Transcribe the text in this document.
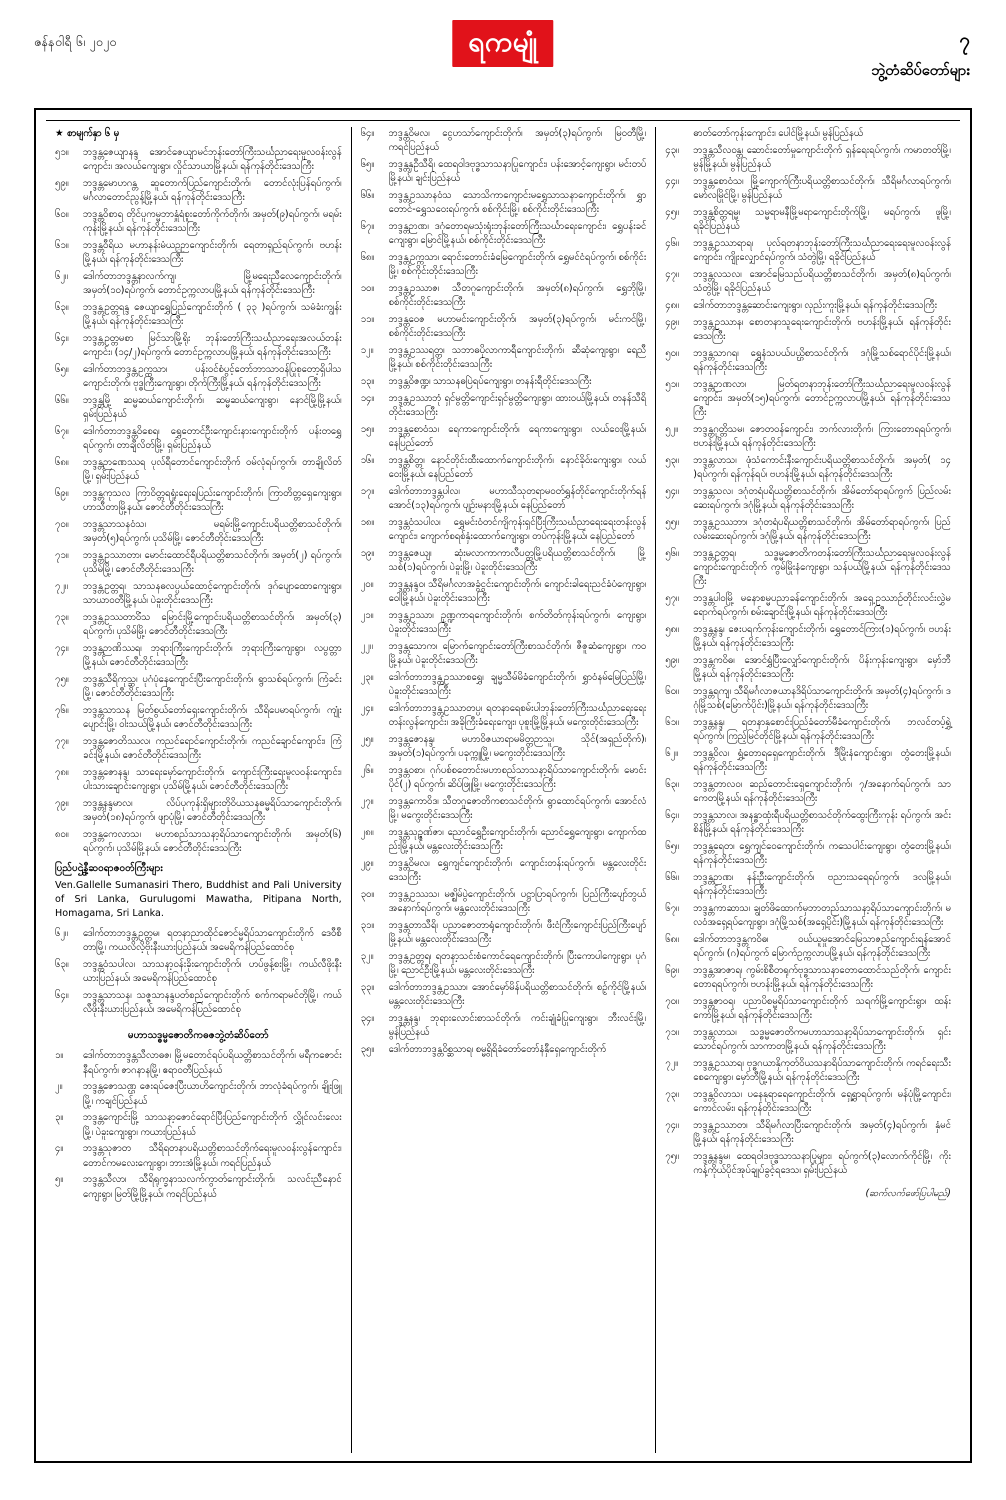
ဇန်နဝါရီ ၆၊ ၂၀၂၀	ရကမျုံ	၇
ဘွဲ့တံဆိပ်တော်များ
★ စာမျက်နှာ ၆ မှ
၅၁။	ဘဒ္ဒန္တဇေယျာနန္ဒ အောင်ဇေယျာမင်ဘုန်းတော်ကြီးသင်္ဃညာရေးမူလဝန်းလွန်ကျောင်း၊ အလယ်ကျေးရွာ၊ လှိုင်သာယာမြို့နယ်၊ ရန်ကုန်တိုင်းဒေသကြီး
၅၉။	ဘဒ္ဒန္တမောဟဂန္တ ဆူတောက်ပြည်ကျောင်းတိုက်၊ တောင်လုံးပြန်ရပ်ကွက်၊ မင်္ဂလာတောင်ညွန့်မြို့နယ်၊ ရန်ကုန်တိုင်းဒေသကြီး
၆၀။	ဘဒ္ဒန္တဝိစာရ တိုင်ပူကမ္မဘာနှူံရံစူးတော်ကိုက်တိုက်၊ အမှတ်(၉)ရပ်ကွက်၊ မရမ်းကုန်းမြို့နယ်၊ ရန်ကုန်တိုင်းဒေသကြီး
၆၁။	ဘဒ္ဒန္တဝီရိယ မဟာနန်းမံယဉ္ဉာကျောင်းတိုက်၊ ရေတာရှည်ရပ်ကွက်၊ ဗဟန်းမြို့နယ်၊ ရန်ကုန်တိုင်းဒေသကြီး
၆၂။	ဒေါက်တာဘဒ္ဒန္တနာလက်ကျ၊ မြို့မရေးညီလေကျောင်းတိုက်၊ အမှတ်(၁၀)ရပ်ကွက်၊ တောင်ဥက္ကလာပမြို့နယ်၊ ရန်ကုန်တိုင်းဒေသကြီး
၆၃။	ဘဒ္ဒန္တဥတ္တရန္ဒ ဇေယျာရွှေပြည်ကျောင်းတိုက် ( ၃၃ )ရပ်ကွက်၊ သမံခံးကျွန်းမြို့နယ်၊ ရန်ကုန်တိုင်းဒေသကြီး
၆၄။	ဘဒ္ဒန္တဥတ္တမစာ မြင်သာမြို့ရိုး ဘုန်းတော်ကြီးသင်္ဃညာရေးအလယ်တန်းကျောင်း၊ (၁၄/၂)ရပ်ကွက်၊ တောင်ဥက္ကလာပမြို့နယ်၊ ရန်ကုန်တိုင်းဒေသကြီး
၆၅။	ဒေါက်တာဘဒ္ဒန္တဥက္ကသာ၊ ပန်းဝင်စံပွင့်တော်ဘာသာဝန်ပြုစုတော့ရှိပါသကျောင်းတိုက်၊ ဗုဒ္ဓကြီးကျေးရွာ၊ တိုက်ကြီးမြို့နယ်၊ ရန်ကုန်တိုင်းဒေသကြီး
၆၆။	ဘဒ္ဒန္တမြို့ ဆမ္မဆယ်ကျောင်းတိုက်၊ ဆမ္မဆယ်ကျေးရွာ၊ နောင်မြို့မြို့နယ်၊ ရှမ်းပြည်နယ်
၆၇။	ဒေါက်တာဘဒ္ဒန္တဝိစေရ၊ ရွှေတောင်ဦးကျောင်းနားကျောင်းတိုက် ပန်းတရွှေရပ်ကွက်၊ တာချီလိတ်မြို့၊ ရှမ်းပြည်နယ်
၆၈။	ဘဒ္ဒန္တဉာဏေဿရ ပုလ်ရီတောင်ကျောင်းတိုက် ဝမ်လုံရပ်ကွက်၊ တာချိုလိတ်မြို့၊ ရှမ်းပြည်နယ်
၆၉။	ဘဒ္ဒန္တကုသလ ကြာဝိတ္တရရှုံးရေးရပြည်းကျောင်းတိုက်၊ ကြာတိတ္တရှေကျေးရွာ၊ ဟာသီတာမြို့နယ်၊ ဇောင်တီတိုင်းဒေသကြီး
၇၀။	ဘဒ္ဒန္တသာသနဝံသ၊ မရမ်းမြို့ကျောင်းပရိယတ္တိစာသင်တိုက်၊ အမှတ်(၅)ရပ်ကွက်၊ ပုသိမ်မြို့၊ ဇောင်တီတိုင်းဒေသကြီး
၇၁။	ဘဒ္ဒန္တဥဿာတာ၊ မောင်းထောင်ရီပရိယတ္တိစာသင်တိုက်၊ အမှတ်(၂) ရပ်ကွက်၊ ပုသိမ်မြို့၊ ဇောင်တီတိုင်းဒေသကြီး
၇၂။	ဘဒ္ဒန္တဥတ္တရ၊ သာသနဓလပ္ပယ်ထောင့်ကျောင်းတိုက်၊ ဒုဂ်ပျောထောကျေးရွာ၊ သာယာဝတီမြို့နယ်၊ ပဲခူးတိုင်းဒေသကြီး
၇၃။	ဘဒ္ဒန္တဥဿတာဝိံသ မြောင်းမြို့ကျောင်းပရိယတ္တိစာသင်တိုက်၊ အမှတ်(၃) ရပ်ကွက်၊ ပုသိမ်မြို့၊ ဇောင်တီတိုင်းဒေသကြီး
၇၄။	ဘဒ္ဒန္တဉာဏိဿရ၊ ဘုရားကြီးကျောင်းတိုက်၊ ဘုရားကြီးကျေးရွာ၊ လပွတ္တာမြို့နယ်၊ ဇောင်တီတိုင်းဒေသကြီး
၇၅။	ဘဒ္ဒန္တသီရိကုသ္ဆ၊ ပုဂံပုံနေကျောင်းပြီးကျောင်းတိုက်၊ ရွာသစ်ရပ်ကွက်၊ ကြံခင်းမြို့၊ ဇောင်တီတိုင်းဒေသကြီး
၇၆။	ဘဒ္ဒန္တသာသန မြတ်စွယ်တော်ရှေးကျောင်းတိုက်၊ သီရိပေမာရပ်ကွက်၊ ကျုံးပျောင်းမြို့၊ ဝါးသယ်မြို့နယ်၊ ဇောင်တီတိုင်းဒေသကြီး
၇၇။	ဘဒ္ဒန္တဇောတိဿလ၊ ကညင်ရောင်ကျောင်းတိုက်၊ ကညင်ချောင်ကျောင်း၊ ကြံခင်းမြို့နယ်၊ ဇောင်တီတိုင်းဒေသကြီး
၇၈။	ဘဒ္ဒန္တဇောနန္ဒ၊ သာရေးမှော်ကျောင်းတိုက်၊ ကျောင်းကြီးရေးမူလဝန်းကျောင်း၊ ပါးသားချောင်းကျေးရွာ၊ ပုသိမ်မြို့နယ်၊ ဇောင်တီတိုင်းဒေသကြီး
၇၉။	ဘဒ္ဒန္တနန္ဒမာလ၊ လိပ်ပုကုန်းရှိများတိုဝိယသနဓမ္မရိပ်သာကျောင်းတိုက်၊ အမှတ်(၁၈)ရပ်ကွက်၊ ဖျာပုံမြို့၊ ဇောင်တီတိုင်းဒေသကြီး
၈၀။	ဘဒ္ဒန္တကေလာသ၊ မဟာစည်သာသနာ့ရိပ်သာကျောင်းတိုက်၊ အမှတ်(၆) ရပ်ကွက်၊ ပုသိမ်မြို့နယ်၊ ဇောင်တီတိုင်းဒေသကြီး
ပြည်ပဌွဲ့နီဆဝရာဇဝတ်ကြီးများ
Ven.Gallelle Sumanasiri Thero, Buddhist and Pali University of Sri Lanka, Gurulugomi Mawatha, Pitipana North, Homagama, Sri Lanka.
၆၂။	ဒေါက်တာဘဒ္ဒန္တဥတ္တမ၊ ရတနာညာထိုင်ဇောင်မ္မရိပ်သာကျောင်းတိုက် ဒေဝီစီတာမြို့၊ ကယလိလိ့ဗိုးနီးယားပြည်နယ်၊ အမေရိကန်ပြည်ထောင်စု
၆၃။	ဘဒ္ဒန္တဝံသပါလ၊ သာသနာ့ဝန်းခိုးကျောင်းတိုက်၊ ဟပ်ဖွန့်စးမြို့၊ ကယ်လီဖိုးနီးယားပြည်နယ်၊ အမေရိကန်ပြည်ထောင်စု
၆၄။	ဘဒ္ဒန္တသာသန၊ သဇ္ဇသာနန္ဒပတ်စည်ကျောင်းတိုက် စက်ကရာမင်တိုမြို့၊ ကယ်လီဖိုးနီးယားပြည်နယ်၊ အမေရိကန်ပြည်ထောင်စု
မဟာသဒ္ဓမ္မဇောတိကဓဇဘွဲ့တံဆိပ်တော်
၁။	ဒေါက်တာဘဒ္ဒန္တသီလာဓဇ၊ မြို့မတောင်ရပ်ပရိယတ္တိစာသင်တိုက်၊ မရီကဇောင်းနီရပ်ကွက်၊ ဇာဂနာနမြို့၊ ဧရာဝတီပြည်နယ်
၂။	ဘဒ္ဒန္တဇောသဏ္ဌ ဇေးရပ်ဇေးပြီးယာဟိကျောင်းတိုက်၊ ဘာလုံခံရပ်ကွက်၊ ချိုးဖြူမြို့၊ ကချင်ပြည်နယ်
၃။	ဘဒ္ဒန္တကျောင်းမြို့ သာသနာ့ဇောင်ရောင်ပြီးပြည်ကျောင်းတိုက် လွှိုင်လင်းလေးမြို့၊ ပဲခူးကျေးရွာ၊ ကယားပြည်နယ်
၄။	ဘဒ္ဒန္တသုဇာတ သီရိရတနာပရိယတ္တိစာသင်တိုက်ရေးမူလဝန်းလွန်ကျောင်း၊ တောင်ကမလေးကျေးရွာ၊ ဘားအံမြို့နယ်၊ ကရင်ပြည်နယ်
၅။	ဘဒ္ဒန္တသီလာ၊ သီရိရုက္ခနာသလက်ကွာတ်ကျောင်းတိုက်၊ သလင်းညီနောင်ကျေးရွာ၊ မြတ်မြို့မြို့နယ်၊ ကရင်ပြည်နယ်
၆၄။	ဘဒ္ဒန္တဝိမလ၊ ငွေဟသာ်ကျောင်းတိုက်၊ အမှတ်(၃)ရပ်ကွက်၊ မြဝတီမြို့၊ ကရင်ပြည်နယ်
၆၅။	ဘဒ္ဒန္တနှဦသီရိ၊ ထေရဝါဒဗုဒ္ဓသာသနာပြုကျောင်း၊ ပန်းအောင့်ကျေးရွာ၊ မင်းတပ်မြို့နယ်၊ ချင်းပြည်နယ်
၆၆။	ဘဒ္ဒန္တဥဿာနဝံသ သောသိကာကျောင်းမရွှေသာသနာကျောင်းတိုက်၊ ရွှာတောင်-ရွှေသဝေးရပ်ကွက်၊ စစ်ကိုင်းမြို့၊ စစ်ကိုင်းတိုင်းဒေသကြီး
၆၇။	ဘဒ္ဒန္တဉာဏ၊ ဒဂုံတောရမသုံးရုံးဘုန်းတော်ကြီးသင်္ဃာရေးကျောင်း၊ ရွှေပန်းခင်ကျေးရွာ၊ မြောင်မြို့နယ်၊ စစ်ကိုင်းတိုင်းဒေသကြီး
၆၈။	ဘဒ္ဒန္တဥက္ကသာ၊ ရောင်းတောင်းခံမြေကျောင်းတိုက်၊ ရွှေမင်ငံရပ်ကွက်၊ စစ်ကိုင်းမြို့၊ စစ်ကိုင်းတိုင်းဒေသကြီး
၁၀။	ဘဒ္ဒန္တဥဿာဇ၊ သီတဂူကျောင်းတိုက်၊ အမှတ်(၈)ရပ်ကွက်၊ ရွှေဘိုမြို့၊ စစ်ကိုင်းတိုင်းဒေသကြီး
၁၁။	ဘဒ္ဒန္တဝေဇ မဟာမင်းကျောင်းတိုက်၊ အမှတ်(၃)ရပ်ကွက်၊ မင်းကင်မြို့၊ စစ်ကိုင်းတိုင်းဒေသကြီး
၁၂။	ဘဒ္ဒန္တဥဿရတ္တ၊ သဘာဓပိုလာကာရီကျောင်းတိုက်၊ ဆီဆုံကျေးရွာ၊ ရေညီမြို့နယ်၊ စစ်ကိုင်းတိုင်းဒေသကြီး
၁၃။	ဘဒ္ဒန္တဝိဇဏ္ဍ၊ သာသနဓပြဲရပ်ကျေးရွာ၊ တနန်းရီတိုင်းဒေသကြီး
၁၄။	ဘဒ္ဒန္တဥဿာဘုံ ရှင်မွတ္တိကျောင်းရှင်မွတ္တိကျေးရွာ၊ ထားဝယ်မြို့နယ်၊ တနန်သီရိတိုင်းဒေသကြီး
၁၅။	ဘဒ္ဒန္တစောဝံသ၊ ရေကာကျောင်းတိုက်၊ ရေကာကျေးရွာ၊ လယ်ဝေးမြို့နယ်၊ နေပြည်တော်
၁၆။	ဘဒ္ဒန္တစိတ္တ၊ နောင်တိုင်းထီးထောက်ကျောင်းတိုက်၊ နောင်ခိုဝ်းကျေးရွာ၊ လယ်ဝေးမြို့နယ်၊ နေပြည်တော်
၁၇။	ဒေါက်တာဘဒ္ဒန္တပါလ၊ မဟာသီသုတရာမဝတ်ရွှန်တိုင်ကျောင်းတိုက်ရန်အောင်(၁၃)ရပ်ကွက်၊ ပျဉ်းမနားမြို့နယ်၊ နေပြည်တော်
၁၈။	ဘဒ္ဒန္တဝံသပါလ၊ ရွှေမင်းဝံတင်ကျိကုန်းရှင်ပြီးကြီးသင်္ဃညာရေးရေးတန်းလွန်ကျောင်း၊ ကျောက်စရစ်နှံးထောက်ကျေးရွာ၊ တပ်ကုန်းမြို့နယ်၊ နေပြည်တော်
၁၉။	ဘဒ္ဒန္တဇေယျ၊ ဆုံးမလာကာကာလီပတ္တမြို့ပရိယတ္တိစာသင်တိုက်၊ မြို့သစ်(၁)ရပ်ကွက်၊ ပဲခူးမြို့၊ ပဲခူးတိုင်းဒေသကြီး
၂၀။	ဘဒ္ဒန္တနန္ဒဝ၊ သီရိမင်္ဂလာအခွံငွင်းကျောင်းတိုက်၊ ကျောင်းခါရေးညင်ခံပံကျေးရွာ၊ ဝေါမြို့နယ်၊ ပဲခူးတိုင်းဒေသကြီး
၂၁။	ဘဒ္ဒန္တဥဿာ၊ ဉုဏ္ဍကာရကျောင်းတိုက်၊ စက်တိတ်ကုန်းရပ်ကွက်၊ ကျေးရွာ၊ ပဲခူးတိုင်းဒေသကြီး
၂၂။	ဘဒ္ဒန္တသောက၊ မြောက်ကျောင်းတော်ကြီးစာသင်တိုက်၊ ဇီဇူဆံကျေးရွာ၊ ကဝမြို့နယ်၊ ပဲခူးတိုင်းဒေသကြီး
၂၃။	ဒေါက်တာဘဒ္ဒန္တဥဿာစရွှေ၊ ချမ္မသီမ်မိခံကျောင်းတိုက်၊ ရွှာဝံနမ်မြေပြည်မြို့၊ ပဲခူးတိုင်းဒေသကြီး
၂၄။	ဒေါက်တာဘဒ္ဒန္တဥဿာတပ္ပ၊ ရတနာရေစမ်းပါဘုန်းတော်ကြီးသင်္ဃညာရေးရေးတန်းလွန်ကျောင်း၊ အခိုကြီးခံရေးကျေး၊ ပုစူးမြို့မြို့နယ်၊ မကွေးတိုင်းဒေသကြီး
၂၅။	ဘဒ္ဒန္တဇောနန္ဒ၊ မဟာဝိဇယာရာမမိတ္တဉာသူ၊ သိုင်(အရှည်တိုက်)၊ အမှတ်(၁)ရပ်ကွက်၊ ပခုက္ကူမြို့၊ မကွေးတိုင်းဒေသကြီး
၂၆။	ဘဒ္ဒန္တဝစာ၊ ဂုဂ်ပစ်စတောင်းမဟာစည်သာသနာ့ရိပ်သာကျောင်းတိုက်၊ မောင်းပိုင်(၂) ရပ်ကွက်၊ ဆိပ်ဖြူမြို့၊ မကွေးတိုင်းဒေသကြီး
၂၇။	ဘဒ္ဒန္တကောဝိဒ၊ သီတဂူဇောတိကစာသင်တိုက်၊ ရွာထောင်ရပ်ကွက်၊ အောင်လံမြို့၊ မကွေးတိုင်းဒေသကြီး
၂၈။	ဘဒ္ဒန္တသုဉ္ဇဏ်ဇာ၊ ညောင်ရွှေဦးကျောင်းတိုက်၊ ညောင်ရွှေကျေးရွာ၊ ကျောက်ထည်းမြို့နယ်၊ မန္တလေးတိုင်းဒေသကြီး
၂၉။	ဘဒ္ဒန္တဝိမလ၊ ရွှေကျင်ကျောင်းတိုက်၊ ကျောင်းတန်းရပ်ကွက်၊ မန္တလေးတိုင်းဒေသကြီး
၃၀။	ဘဒ္ဒန္တဥဿသ၊ မဇ္ဈိမ်ပွဲကျောင်းတိုက်၊ ပဋ္ဌာပြာရပ်ကွက်၊ ပြည်ကြီးပျော်ဘွယ် အနောက်ရပ်ကွက်၊ မန္တလေးတိုင်းဒေသကြီး
၃၁။	ဘဒ္ဒန္တတာသီရိ၊ ပညာဇောတာရုံကျောင်းတိုက်၊ ဖီးငံကြီးကျောင်းပြည်ကြီးပျော်မြို့နယ်၊ မန္တလေးတိုင်းဒေသကြီး
၃၂။	ဘဒ္ဒန္တဥတ္တရ၊ ရတနာ့သင်းစံကောင်ရေကျောင်းတိုက်၊ ပြီးကောပါကျေးရွာ၊ ပုဂံမြို့၊ ညောင်ဦးမြို့နယ်၊ မန္တလေးတိုင်းဒေသကြီး
၃၃။	ဒေါက်တာဘဒ္ဒန္တဥဿာ၊ အောင်မှော်မိန်ပရိယတ္တိစာသင်တိုက်၊ စဉ့်ကိုင်မြို့နယ်၊ မန္တလေးတိုင်းဒေသကြီး
၃၄။	ဘဒ္ဒန္တနန္ဒ၊ ဘုရားလောင်းစာသင်တိုက်၊ ကင်းချုံခံပြုကျေးရွာ၊ ဘီးလင်းမြို့၊ မွန်ပြည်နယ်
၃၅။	ဒေါက်တာဘဒ္ဒန္တဝိစ္ဆသာရ၊ စမ္မွရိရိခံတော်တော်နံနှီရှေကျောင်းတိုက်
ဓာတ်တော်ကုန်းကျောင်း၊ ပေါင်မြို့နယ်၊ မွန်ပြည်နယ်
၄၃။	ဘဒ္ဒန္တသီလဝန္တ၊ ဆောင်းတော်မှုကျောင်းတိုက် ရှန်ရေးရပ်ကွက်၊ ကမာတတ်မြို့၊ မွန်မြို့နယ်၊ မွန်ပြည်နယ်
၄၄။	ဘဒ္ဒန္တစောဝံသ၊ မြို့ကျောက်ကြီးပရိယတ္တိစာသင်တိုက်၊ သီရိမင်္ဂလာရပ်ကွက်၊ မော်လမြိုင်မြို့၊ မွန်ပြည်နယ်
၄၅။	ဘဒ္ဒန္တစိတ္တရမ္မ၊ သမ္မရာမနီမြို့မရာကျောင်းတိုက်မြို့၊ မရပ်ကွက်၊ ဖူမြို့၊ ရခိုင်ပြည်နယ်
၄၆။	ဘဒ္ဒန္တဥဿာရာရ၊ ပုလ်ရတနာဘုန်းတော်ကြီးသင်္ဃညာရေးရေးမူလဝန်းလွန်ကျောင်း၊ ကျိုးလျှောင်ရပ်ကွက်၊ သံတွဲမြို့၊ ရခိုင်ပြည်နယ်
၄၇။	ဘဒ္ဒန္တလသလ၊ အောင်မြေသည်ပရိယတ္တိစာသင်တိုက်၊ အမှတ်(၈)ရပ်ကွက်၊ သံတွဲမြို့၊ ရခိုင်ပြည်နယ်
၄၈။	ဒေါက်တာဘဒ္ဒန္တဆောင်းကျေးရွာ၊ လှည်းကူးမြို့နယ်၊ ရန်ကုန်တိုင်းဒေသကြီး
၄၉။	ဘဒ္ဒန္တဥဿာန၊ စောတနာသူရေးကျောင်းတိုက်၊ ဗဟန်းမြို့နယ်၊ ရန်ကုန်တိုင်းဒေသကြီး
၅၀။	ဘဒ္ဒန္တသာဂရ၊ ရွှေနံသပယ်ပယ္ဌိစာသင်တိုက်၊ ဒဂုံမြို့သစ်ရောင်ပိုင်းမြို့နယ်၊ ရန်ကုန်တိုင်းဒေသကြီး
၅၁။	ဘဒ္ဒန္တဉာဏလာ၊ မြတ်ရတနာဘုန်းတော်ကြီးသင်္ဃညာရေးမူလဝန်းလွန်ကျောင်း၊ အမှတ်(၁၅)ရပ်ကွက်၊ တောင်ဥက္ကလာပမြို့နယ်၊ ရန်ကုန်တိုင်းဒေသကြီး
၅၂။	ဘဒ္ဒန္တဂုတ္တိသမ၊ ဇောတဝန်ကျောင်း၊ ဘက်လားတိုက်၊ ကြားတောရရပ်ကွက်၊ ဗဟန်းမြို့နယ်၊ ရန်ကုန်တိုင်းဒေသကြီး
၅၃။	ဘဒ္ဒန္တလာသ၊ ဖုံသံကောင်းနီးကျောင်းပရိယတ္တိစာသင်တိုက်၊ အမှတ်( ၁၄ )ရပ်ကွက်၊ ရန်ကုန်ရပ်၊ ဗဟန်းမြို့နယ်၊ ရန်ကုန်တိုင်းဒေသကြီး
၅၄။	ဘဒ္ဒန္တသလ၊ ဒဂုံတရံပရိယတ္တိစာသင်တိုက်၊ အိမ်တော်ရာရပ်ကွက် ပြည်လမ်းဆေးရပ်ကွက်၊ ဒဂုံမြို့နယ်၊ ရန်ကုန်တိုင်းဒေသကြီး
၅၅။	ဘဒ္ဒန္တဥဿဘာ၊ ဒဂုံတရံပရိယတ္တိစာသင်တိုက်၊ အိမ်တော်ရာရပ်ကွက်၊ ပြည်လမ်းဆေးရပ်ကွက်၊ ဒဂုံမြို့နယ်၊ ရန်ကုန်တိုင်းဒေသကြီး
၅၆။	ဘဒ္ဒန္တဥတ္တရ၊ သဒ္ဓမ္မဇောတိကတန်းတော်ကြီးသင်္ဃညာရေးမူလဝန်းလွန်ကျောင်းကျောင်းတိုက် ကွမ်မြိုးနံကျေးရွာ၊ သန်ပယ်မြို့နယ်၊ ရန်ကုန်တိုင်းဒေသကြီး
၅၇။	ဘဒ္ဒန္တပါဝမြို့ မနောစမ္မပညာခန်ကျောင်းတိုက်၊ အရှေ့ဥဿာဉ်တိုင်းလင်းလွှဲမရောက်ရပ်ကွက်၊ စမ်းချောင်းမြို့နယ်၊ ရန်ကုန်တိုင်းဒေသကြီး
၅၈။	ဘဒ္ဒန္တနန္ဒ၊ ဇေးပရက်ကုန်းကျောင်းတိုက်၊ ရွှေတောင်ကြား(၁)ရပ်ကွက်၊ ဗဟန်းမြို့နယ်၊ ရန်ကုန်တိုင်းဒေသကြီး
၅၉။	ဘဒ္ဒန္တကဝိဓ၊ အောင်ရွှံပြီးလျှော်ကျောင်းတိုက်၊ ပိန်းကုန်းကျေးရွာ၊ မှော်ဘီမြို့နယ်၊ ရန်ကုန်တိုင်းဒေသကြီး
၆၀။	ဘဒ္ဒန္တရကျ၊ သီရိမင်္ဂလာဇယာနဒိရိပ်သာကျောင်းတိုက်၊ အမှတ်(၄)ရပ်ကွက်၊ ဒဂုံမြို့သစ်(မြောက်ပိုင်း)မြို့နယ်၊ ရန်ကုန်တိုင်းဒေသကြီး
၆၁။	ဘဒ္ဒန္တနန္ဒ၊ ရတနာနှစောင်းပြည်ခံတော်မီခံကျောင်းတိုက်၊ ဘလင်တပ့်ရွှဲ့ရပ်ကွက်၊ ကြည့်မြင်တိုင်မြို့နယ်၊ ရန်ကုန်တိုင်းဒေသကြီး
၆၂။	ဘဒ္ဒန္တဝိလ၊ ရွှံ့တောရရှေကျောင်းတိုက်၊ ဒီမြိုးနံကျောင်းရွာ၊ တွံတေးမြို့နယ်၊ ရန်ကုန်တိုင်းဒေသကြီး
၆၃။	ဘဒ္ဒန္တတာလဝ၊ ဆည်တောင်းရှေကျောင်းတိုက်၊ ၇/အနောက်ရပ်ကွက်၊ သာကေတမြို့နယ်၊ ရန်ကုန်တိုင်းဒေသကြီး
၆၄။	ဘဒ္ဒန္တသာလ၊ အနန္ဓာထုံးရီပရိယတ္တိစာသင်တိုက်ထွေးကြီးကုန်း ရပ်ကွက်၊ အင်းစိန်မြို့နယ်၊ ရန်ကုန်တိုင်းဒေသကြီး
၆၅။	ဘဒ္ဒန္တရေတ၊ ရွှေကျင်ဝေကျောင်းတိုက်၊ ကသေပါင်းကျေးရွာ၊ တွံတေးမြို့နယ်၊ ရန်ကုန်တိုင်းဒေသကြီး
၆၆။	ဘဒ္ဒန္တဉာဏ၊ နန်းဦးကျောင်းတိုက်၊ ဗညားသရေရပ်ကွက်၊ ဒလမြို့နယ်၊ ရန်ကုန်တိုင်းဒေသကြီး
၆၇။	ဘဒ္ဒန္တကာဆာသ၊ ချွတ်ဖိထောက်မှဘာတည်သာသနာ့ရိပ်သာကျောင်းတိုက်၊ မလဝံအရှေ့ရပ်ကျေးရွာ၊ ဒဂုံမြို့သစ်(အရှေ့ပိုင်း)မြို့နယ်၊ ရန်ကုန်တိုင်းဒေသကြီး
၆၈။	ဒေါက်တာဘဒ္ဒန္တကဝိဓ၊ ဝယ်ယူမှုအောင်မြေသာဇည်ကျောင်းရန်အောင်ရပ်ကွက်၊ (ဂ)ရပ်ကွက် မြောက်ဥက္ကလာပမြို့နယ်၊ ရန်ကုန်တိုင်းဒေသကြီး
၆၉။	ဘဒ္ဒန္တအာဇာရ၊ ကွမ်းစိစီတရုက်ဗုဒ္ဓသာသနာတောထောင်သည်တိုက်၊ ကျောင်းတောရရပ်ကွက်၊ ဗဟန်းမြို့နယ်၊ ရန်ကုန်တိုင်းဒေသကြီး
၇၀။	ဘဒ္ဒန္တဇာဝရ၊ ပညာပိစမ္မရိပ်သာကျောင်းတိုက် သရက်မြို့ကျောင်းရွာ၊ ထန်းကော်မြို့နယ်၊ ရန်ကုန်တိုင်းဒေသကြီး
၇၁။	ဘဒ္ဒန္တလာသ၊ သဒ္ဓမ္မဇောတိကမဟာသာသနာ့ရိပ်သာကျောင်းတိုက်၊ ရှင်းသောင်ရပ်ကွက်၊ သာကာတမြို့နယ်၊ ရန်ကုန်တိုင်းဒေသကြီး
၇၂။	ဘဒ္ဒန္တဥဿာရ၊ ဗုဒ္ဓဂယာနှိကုတ်ဝိယသနာရိပ်သာကျောင်းတိုက်၊ ကရင်ရေးသီးစေကျေးရွာ၊ မှော်ဘီမြို့နယ်၊ ရန်ကုန်တိုင်းဒေသကြီး
၇၃။	ဘဒ္ဒန္တဝိလာသ၊ ပနေနုရာရေကျောင်းတိုက်၊ ရှေ့ရွှာရပ်ကွက်၊ မန်ပုံမြို့ကျောင်း၊ ကောင်လမ်း၊ ရန်ကုန်တိုင်းဒေသကြီး
၇၄။	ဘဒ္ဒန္တဥဿာတ၊ သီရိမင်္ဂလာပြီးကျောင်းတိုက်၊ အမှတ်(၄)ရပ်ကွက်၊ နှံမင်မြို့နယ်၊ ရန်ကုန်တိုင်းဒေသကြီး
၇၅။	ဘဒ္ဒန္တနန္ဒမ၊ ထေရဝါဒဗုဒ္ဓသာသနာပြုများ၊ ရပ်ကွက်(၃)လောက်ကိုင်မြို့၊ ကိုးကန့်ကိုယ်ပိုင်အုပ်ချုပ်ခွင့်ရဒေသ၊ ရှမ်းပြည်နယ်
(ဆက်လက်ဖော်ပြပါမည်)
